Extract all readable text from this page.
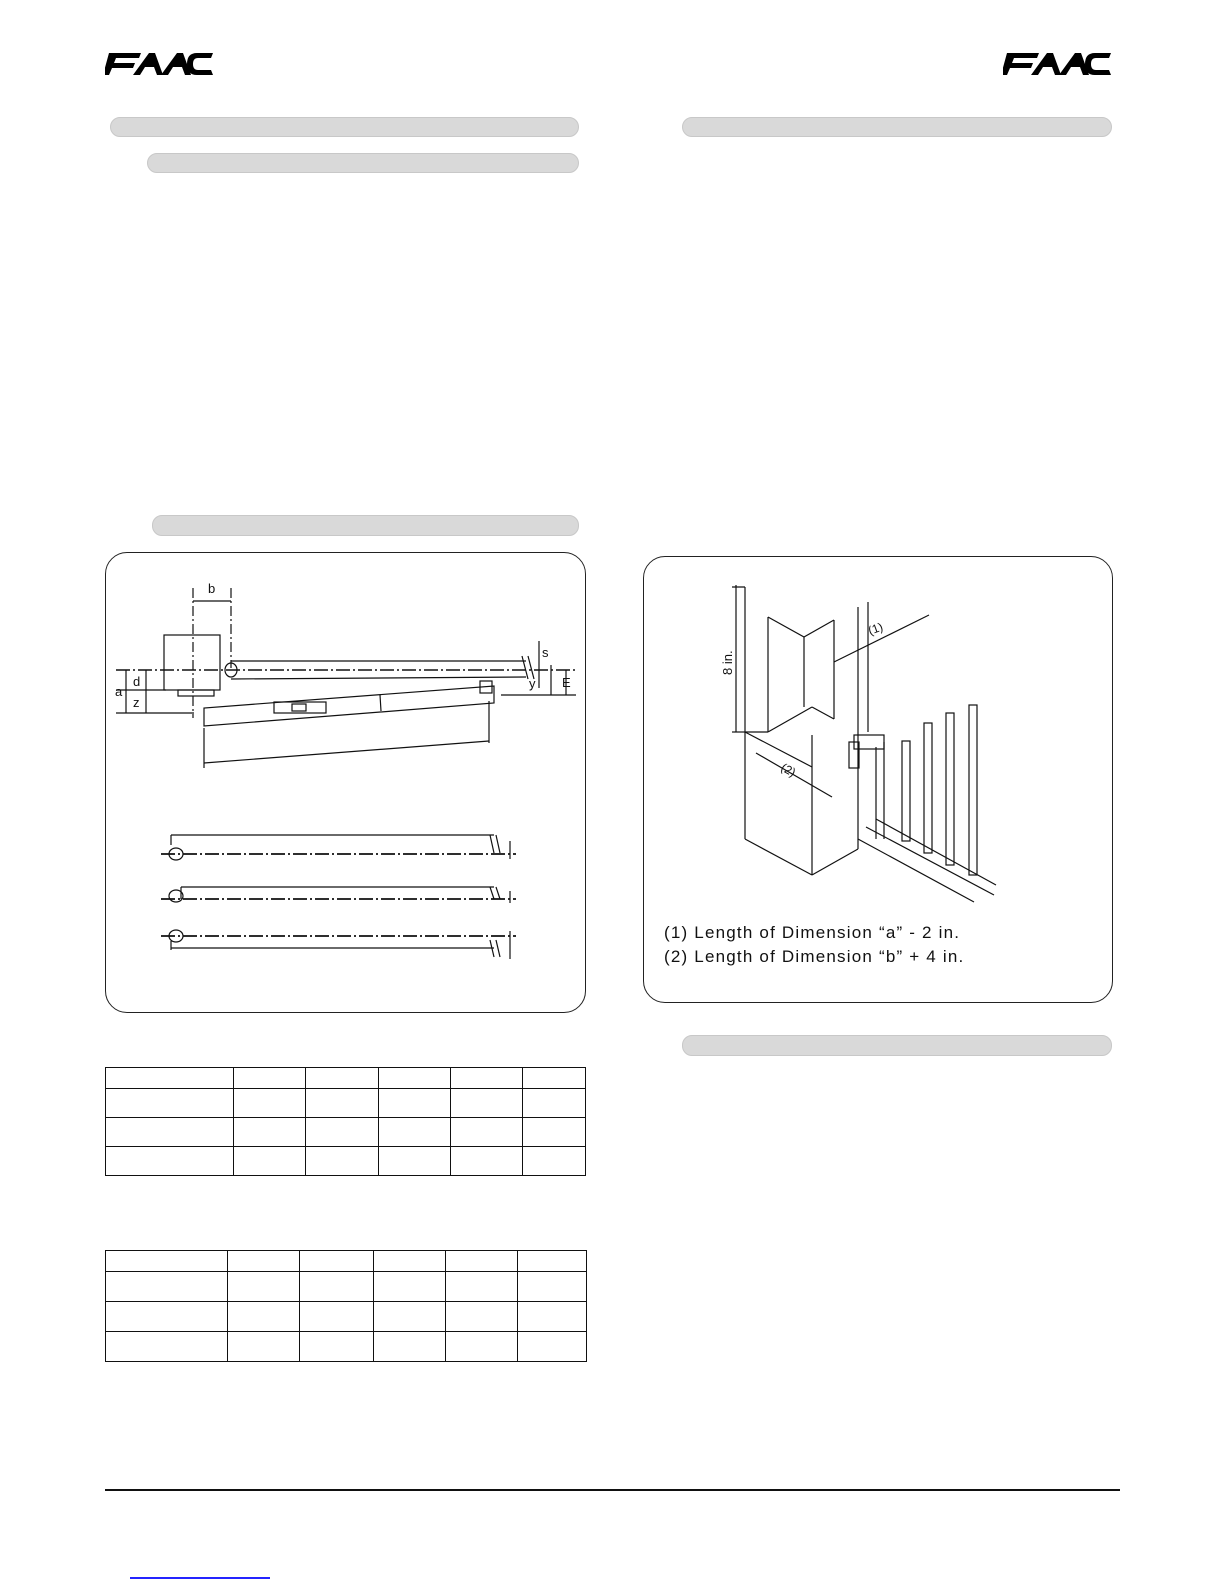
b
a
d
z
s
y E
8 in.
(1)
(2)
(1) Length of Dimension “a” - 2 in.
(2) Length of Dimension “b” + 4 in.
